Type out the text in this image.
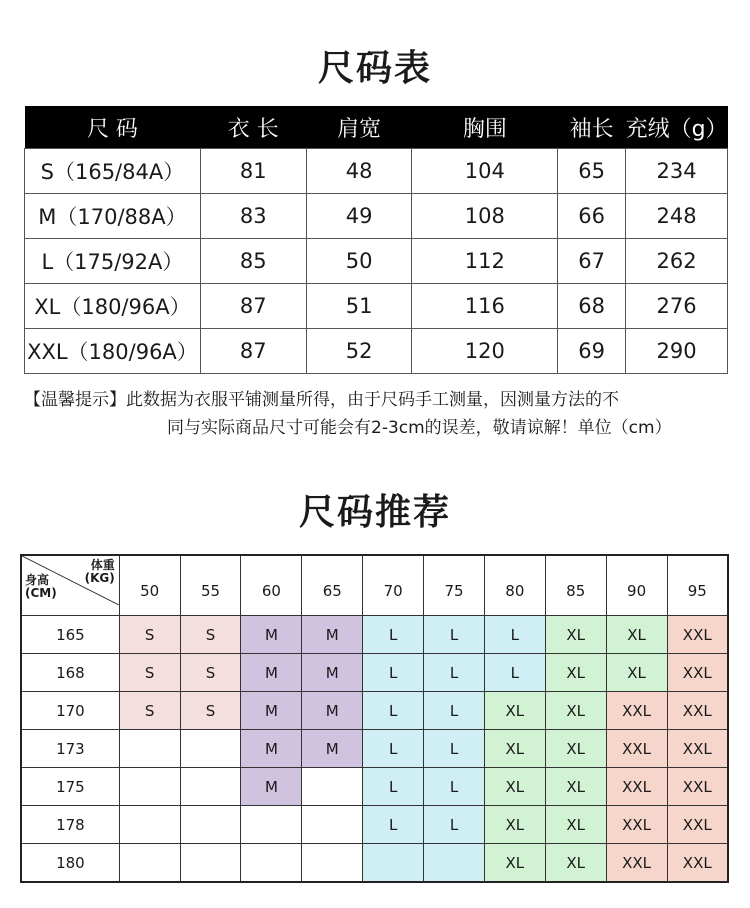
尺码表
尺 码	衣 长	肩宽	胸围	袖长	充绒（g）
S（165/84A）	81	48	104	65	234
M（170/88A）	83	49	108	66	248
L（175/92A）	85	50	112	67	262
XL（180/96A）	87	51	116	68	276
XXL（180/96A）	87	52	120	69	290
【温馨提示】此数据为衣服平铺测量所得，由于尺码手工测量，因测量方法的不
同与实际商品尺寸可能会有2-3cm的误差，敬请谅解！单位（cm）
尺码推荐
体重
(KG)
身高
(CM)	50	55	60	65	70	75	80	85	90	95
165	S	S	M	M	L	L	L	XL	XL	XXL
168	S	S	M	M	L	L	L	XL	XL	XXL
170	S	S	M	M	L	L	XL	XL	XXL	XXL
173			M	M	L	L	XL	XL	XXL	XXL
175			M		L	L	XL	XL	XXL	XXL
178					L	L	XL	XL	XXL	XXL
180							XL	XL	XXL	XXL
